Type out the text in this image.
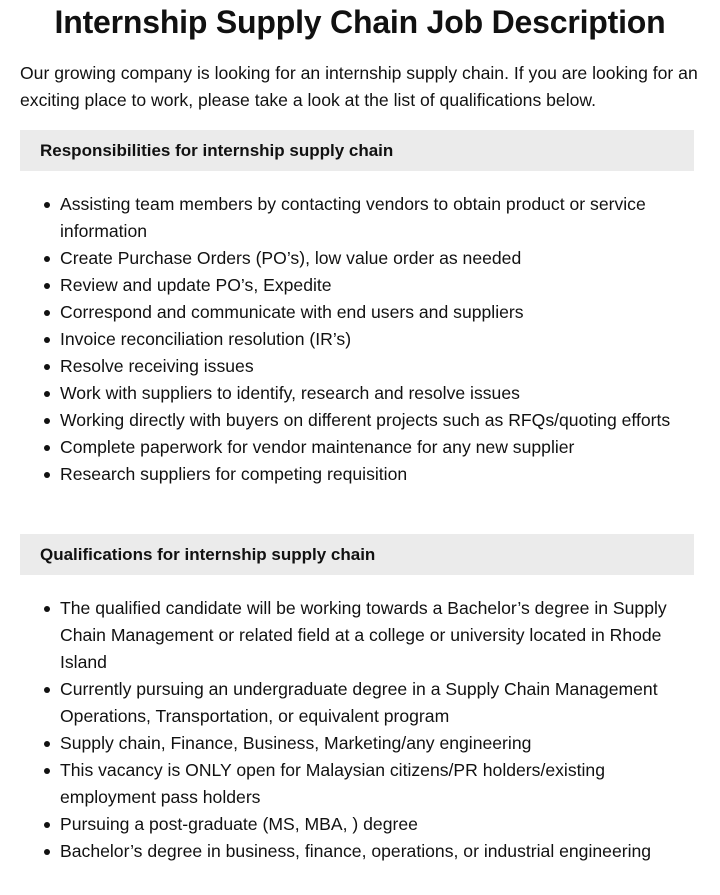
Internship Supply Chain Job Description

Our growing company is looking for an internship supply chain. If you are looking for an exciting place to work, please take a look at the list of qualifications below.

Responsibilities for internship supply chain
Assisting team members by contacting vendors to obtain product or service information
Create Purchase Orders (PO’s), low value order as needed
Review and update PO’s, Expedite
Correspond and communicate with end users and suppliers
Invoice reconciliation resolution (IR’s)
Resolve receiving issues
Work with suppliers to identify, research and resolve issues
Working directly with buyers on different projects such as RFQs/quoting efforts
Complete paperwork for vendor maintenance for any new supplier
Research suppliers for competing requisition
Qualifications for internship supply chain
The qualified candidate will be working towards a Bachelor’s degree in Supply Chain Management or related field at a college or university located in Rhode Island
Currently pursuing an undergraduate degree in a Supply Chain Management Operations, Transportation, or equivalent program
Supply chain, Finance, Business, Marketing/any engineering
This vacancy is ONLY open for Malaysian citizens/PR holders/existing employment pass holders
Pursuing a post-graduate (MS, MBA, ) degree
Bachelor’s degree in business, finance, operations, or industrial engineering
